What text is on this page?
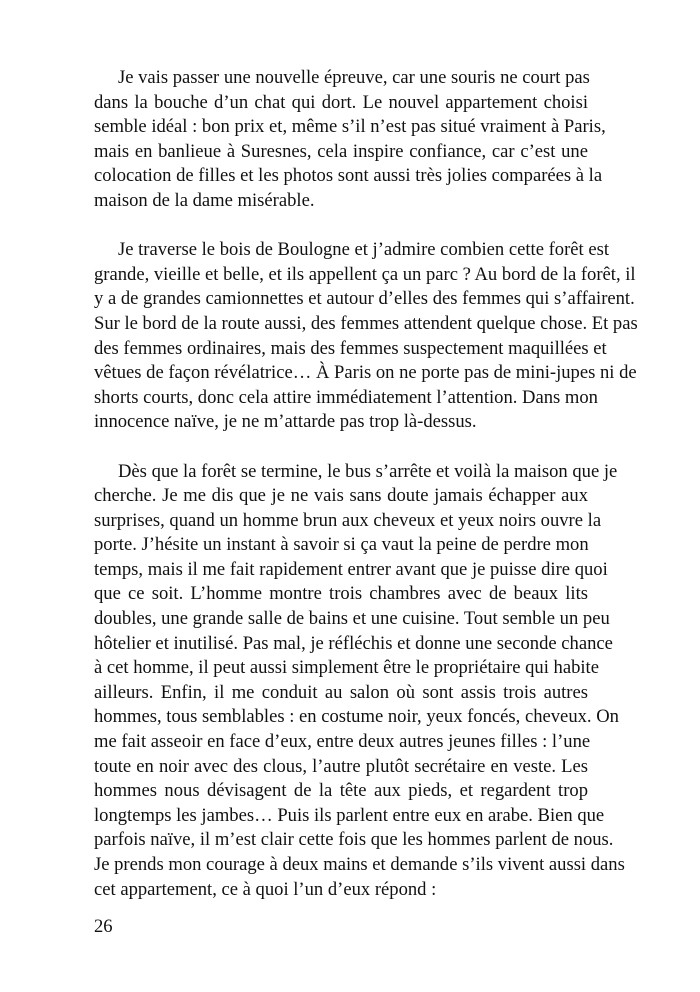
Je vais passer une nouvelle épreuve, car une souris ne court pas
dans la bouche d’un chat qui dort. Le nouvel appartement choisi
semble idéal : bon prix et, même s’il n’est pas situé vraiment à Paris,
mais en banlieue à Suresnes, cela inspire confiance, car c’est une
colocation de filles et les photos sont aussi très jolies comparées à la
maison de la dame misérable.
Je traverse le bois de Boulogne et j’admire combien cette forêt est
grande, vieille et belle, et ils appellent ça un parc ? Au bord de la forêt, il
y a de grandes camionnettes et autour d’elles des femmes qui s’affairent.
Sur le bord de la route aussi, des femmes attendent quelque chose. Et pas
des femmes ordinaires, mais des femmes suspectement maquillées et
vêtues de façon révélatrice… À Paris on ne porte pas de mini-jupes ni de
shorts courts, donc cela attire immédiatement l’attention. Dans mon
innocence naïve, je ne m’attarde pas trop là-dessus.
Dès que la forêt se termine, le bus s’arrête et voilà la maison que je
cherche. Je me dis que je ne vais sans doute jamais échapper aux
surprises, quand un homme brun aux cheveux et yeux noirs ouvre la
porte. J’hésite un instant à savoir si ça vaut la peine de perdre mon
temps, mais il me fait rapidement entrer avant que je puisse dire quoi
que ce soit. L’homme montre trois chambres avec de beaux lits
doubles, une grande salle de bains et une cuisine. Tout semble un peu
hôtelier et inutilisé. Pas mal, je réfléchis et donne une seconde chance
à cet homme, il peut aussi simplement être le propriétaire qui habite
ailleurs. Enfin, il me conduit au salon où sont assis trois autres
hommes, tous semblables : en costume noir, yeux foncés, cheveux. On
me fait asseoir en face d’eux, entre deux autres jeunes filles : l’une
toute en noir avec des clous, l’autre plutôt secrétaire en veste. Les
hommes nous dévisagent de la tête aux pieds, et regardent trop
longtemps les jambes… Puis ils parlent entre eux en arabe. Bien que
parfois naïve, il m’est clair cette fois que les hommes parlent de nous.
Je prends mon courage à deux mains et demande s’ils vivent aussi dans
cet appartement, ce à quoi l’un d’eux répond :
26
